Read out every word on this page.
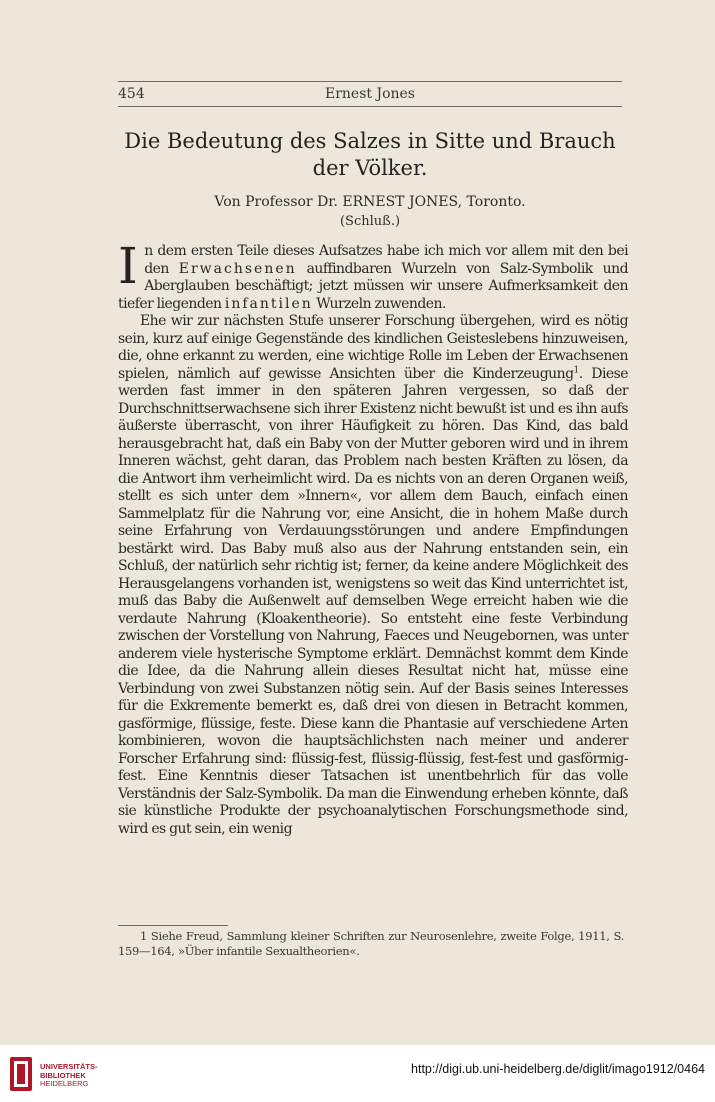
454	Ernest Jones
Die Bedeutung des Salzes in Sitte und Brauch
der Völker.
Von Professor Dr. ERNEST JONES, Toronto.
(Schluß.)

In dem ersten Teile dieses Aufsatzes habe ich mich vor allem mit den bei den Erwachsenen auffindbaren Wurzeln von Salz-Symbolik und Aberglauben beschäftigt; jetzt müssen wir unsere Aufmerksamkeit den tiefer liegenden infantilen Wurzeln zuwenden.

Ehe wir zur nächsten Stufe unserer Forschung übergehen, wird es nötig sein, kurz auf einige Gegenstände des kindlichen Geisteslebens hinzuweisen, die, ohne erkannt zu werden, eine wichtige Rolle im Leben der Erwachsenen spielen, nämlich auf gewisse Ansichten über die Kinderzeugung$^1$. Diese werden fast immer in den späteren Jahren vergessen, so daß der Durchschnittserwachsene sich ihrer Existenz nicht bewußt ist und es ihn aufs äußerste überrascht, von ihrer Häufigkeit zu hören. Das Kind, das bald herausgebracht hat, daß ein Baby von der Mutter geboren wird und in ihrem Inneren wächst, geht daran, das Problem nach besten Kräften zu lösen, da die Antwort ihm verheimlicht wird. Da es nichts von an deren Organen weiß, stellt es sich unter dem »Innern«, vor allem dem Bauch, einfach einen Sammelplatz für die Nahrung vor, eine Ansicht, die in hohem Maße durch seine Erfahrung von Verdauungsstörungen und andere Empfindungen bestärkt wird. Das Baby muß also aus der Nahrung entstanden sein, ein Schluß, der natürlich sehr richtig ist; ferner, da keine andere Möglichkeit des Herausgelangens vorhanden ist, wenigstens so weit das Kind unterrichtet ist, muß das Baby die Außenwelt auf demselben Wege erreicht haben wie die verdaute Nahrung (Kloakentheorie). So entsteht eine feste Verbindung zwischen der Vorstellung von Nahrung, Faeces und Neugebornen, was unter anderem viele hysterische Symptome erklärt. Demnächst kommt dem Kinde die Idee, da die Nahrung allein dieses Resultat nicht hat, müsse eine Verbindung von zwei Substanzen nötig sein. Auf der Basis seines Interesses für die Exkremente bemerkt es, daß drei von diesen in Betracht kommen, gasförmige, flüssige, feste. Diese kann die Phantasie auf verschiedene Arten kombinieren, wovon die hauptsächlichsten nach meiner und anderer Forscher Erfahrung sind: flüssig-fest, flüssig-flüssig, fest-fest und gasförmig-fest. Eine Kenntnis dieser Tatsachen ist unentbehrlich für das volle Verständnis der Salz-Symbolik. Da man die Einwendung erheben könnte, daß sie künstliche Produkte der psychoanalytischen Forschungsmethode sind, wird es gut sein, ein wenig

1 Siehe Freud, Sammlung kleiner Schriften zur Neurosenlehre, zweite Folge, 1911, S. 159—164, »Über infantile Sexualtheorien«.

UNIVERSITÄTS-
BIBLIOTHEK
HEIDELBERG
http://digi.ub.uni-heidelberg.de/diglit/imago1912/0464
